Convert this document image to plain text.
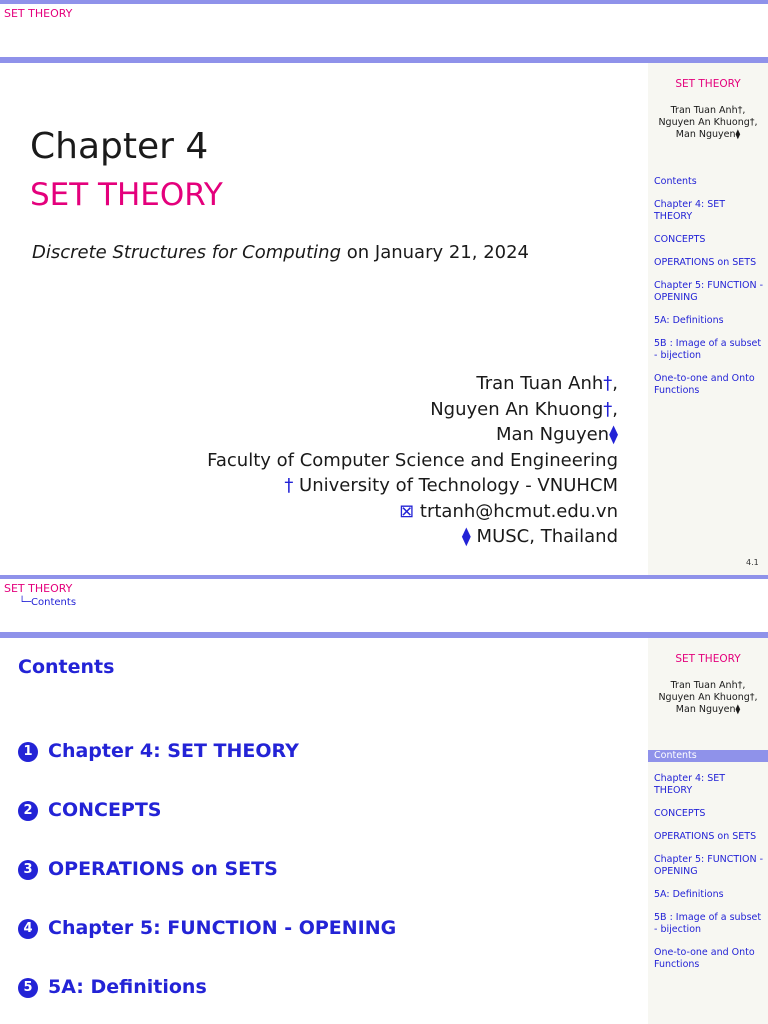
SET THEORY
SET THEORY
Tran Tuan Anh†,
Nguyen An Khuong†,
Man Nguyen⧫
Contents
Chapter 4: SET THEORY
CONCEPTS
OPERATIONS on SETS
Chapter 5: FUNCTION - OPENING
5A: Definitions
5B : Image of a subset - bijection
One-to-one and Onto Functions
4.1
Chapter 4
SET THEORY
Discrete Structures for Computing on January 21, 2024
Tran Tuan Anh†,
Nguyen An Khuong†,
Man Nguyen⧫
Faculty of Computer Science and Engineering
† University of Technology - VNUHCM
⊠ trtanh@hcmut.edu.vn
⧫ MUSC, Thailand
SET THEORY
└─Contents
SET THEORY
Tran Tuan Anh†,
Nguyen An Khuong†,
Man Nguyen⧫
Contents
Chapter 4: SET THEORY
CONCEPTS
OPERATIONS on SETS
Chapter 5: FUNCTION - OPENING
5A: Definitions
5B : Image of a subset - bijection
One-to-one and Onto Functions
Contents
1 Chapter 4: SET THEORY
2 CONCEPTS
3 OPERATIONS on SETS
4 Chapter 5: FUNCTION - OPENING
5 5A: Definitions
